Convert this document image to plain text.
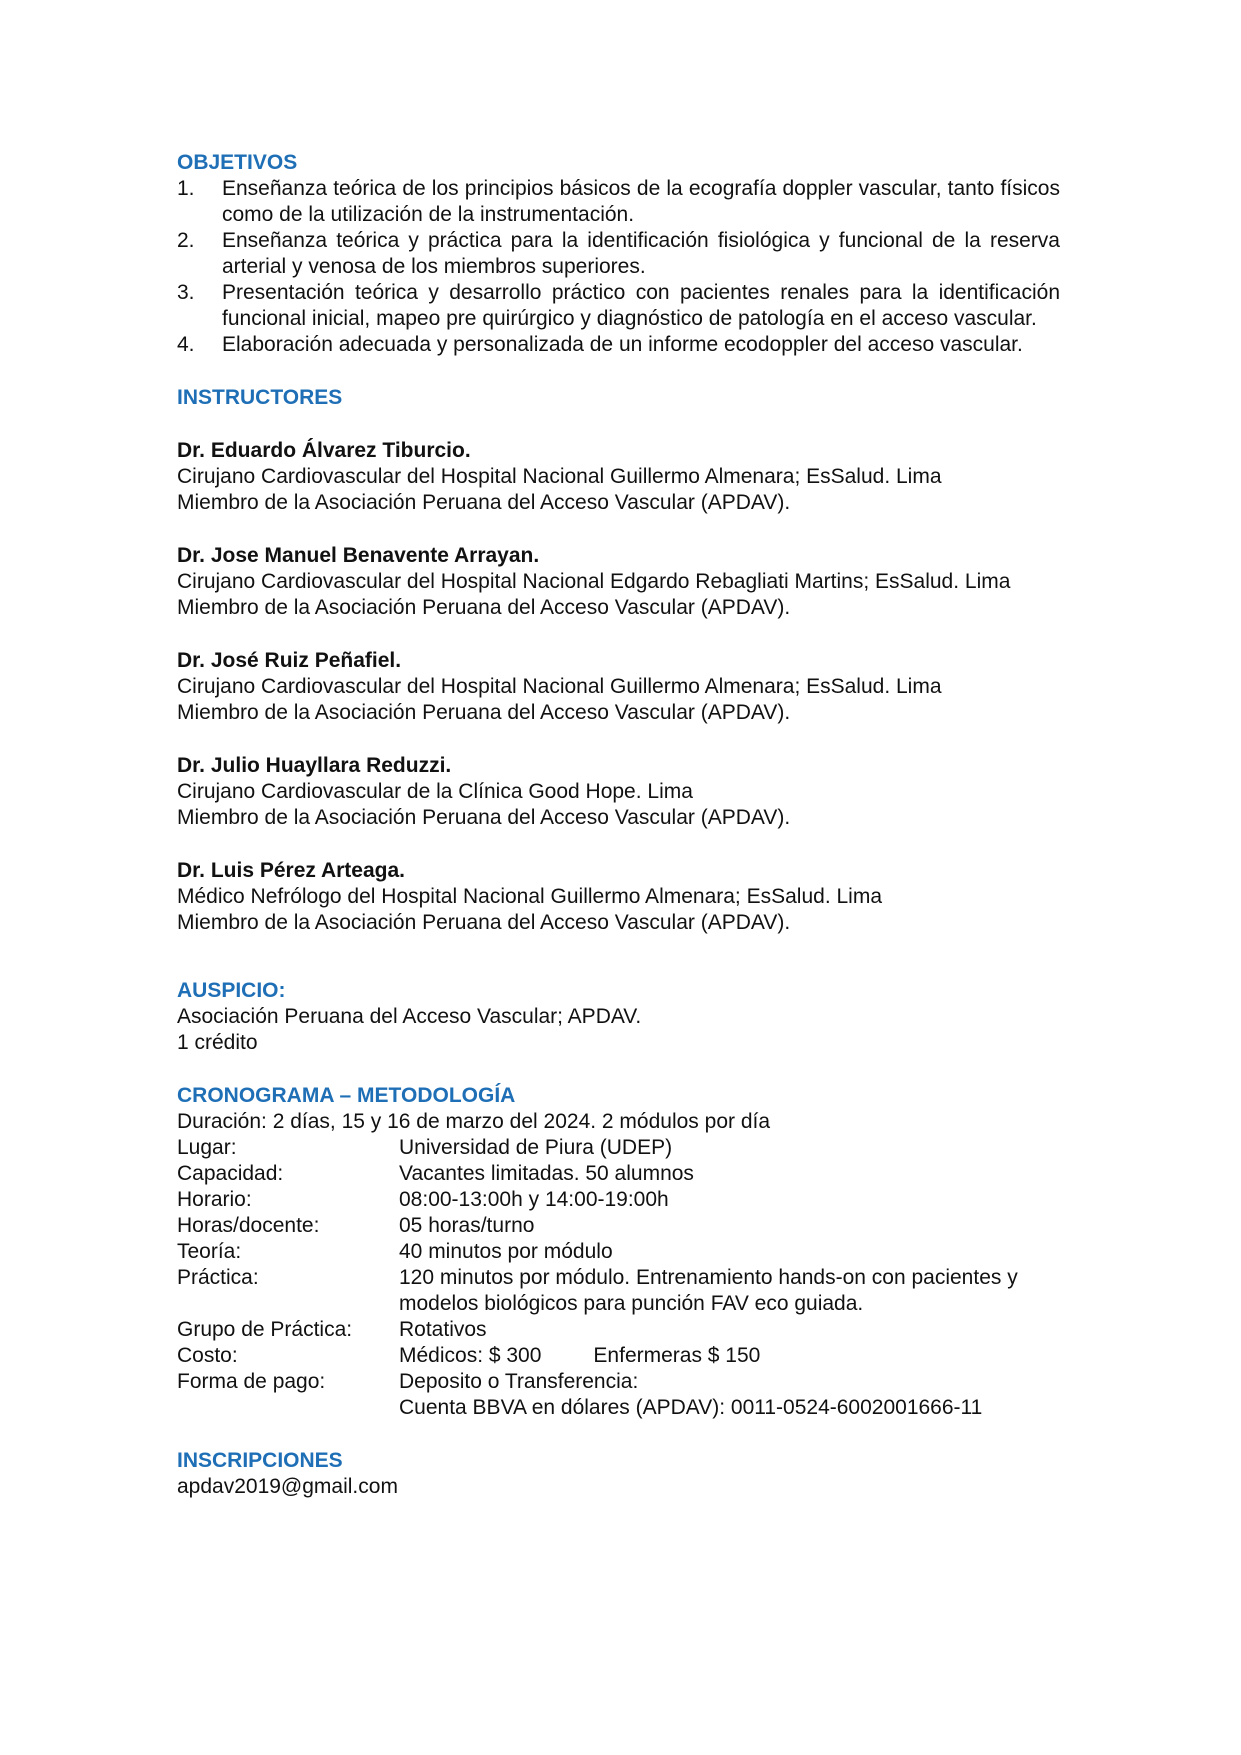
OBJETIVOS

1.	Enseñanza teórica de los principios básicos de la ecografía doppler vascular, tanto físicos como de la utilización de la instrumentación.
2.	Enseñanza teórica y práctica para la identificación fisiológica y funcional de la reserva arterial y venosa de los miembros superiores.
3.	Presentación teórica y desarrollo práctico con pacientes renales para la identificación funcional inicial, mapeo pre quirúrgico y diagnóstico de patología en el acceso vascular.
4.	Elaboración adecuada y personalizada de un informe ecodoppler del acceso vascular.

INSTRUCTORES

Dr. Eduardo Álvarez Tiburcio.

Cirujano Cardiovascular del Hospital Nacional Guillermo Almenara; EsSalud. Lima

Miembro de la Asociación Peruana del Acceso Vascular (APDAV).

Dr. Jose Manuel Benavente Arrayan.

Cirujano Cardiovascular del Hospital Nacional Edgardo Rebagliati Martins; EsSalud. Lima

Miembro de la Asociación Peruana del Acceso Vascular (APDAV).

Dr. José Ruiz Peñafiel.

Cirujano Cardiovascular del Hospital Nacional Guillermo Almenara; EsSalud. Lima

Miembro de la Asociación Peruana del Acceso Vascular (APDAV).

Dr. Julio Huayllara Reduzzi.

Cirujano Cardiovascular de la Clínica Good Hope. Lima

Miembro de la Asociación Peruana del Acceso Vascular (APDAV).

Dr. Luis Pérez Arteaga.

Médico Nefrólogo del Hospital Nacional Guillermo Almenara; EsSalud. Lima

Miembro de la Asociación Peruana del Acceso Vascular (APDAV).

AUSPICIO:

Asociación Peruana del Acceso Vascular; APDAV.

1 crédito

CRONOGRAMA – METODOLOGÍA

Duración: 2 días, 15 y 16 de marzo del 2024. 2 módulos por día

Lugar:	Universidad de Piura (UDEP)
Capacidad:	Vacantes limitadas. 50 alumnos
Horario:	08:00-13:00h y 14:00-19:00h
Horas/docente:	05 horas/turno
Teoría:	40 minutos por módulo
Práctica:	120 minutos por módulo. Entrenamiento hands-on con pacientes y modelos biológicos para punción FAV eco guiada.
Grupo de Práctica:	Rotativos
Costo:	Médicos: $ 300 Enfermeras $ 150
Forma de pago:	Deposito o Transferencia:
Cuenta BBVA en dólares (APDAV): 0011-0524-6002001666-11

INSCRIPCIONES

apdav2019@gmail.com
